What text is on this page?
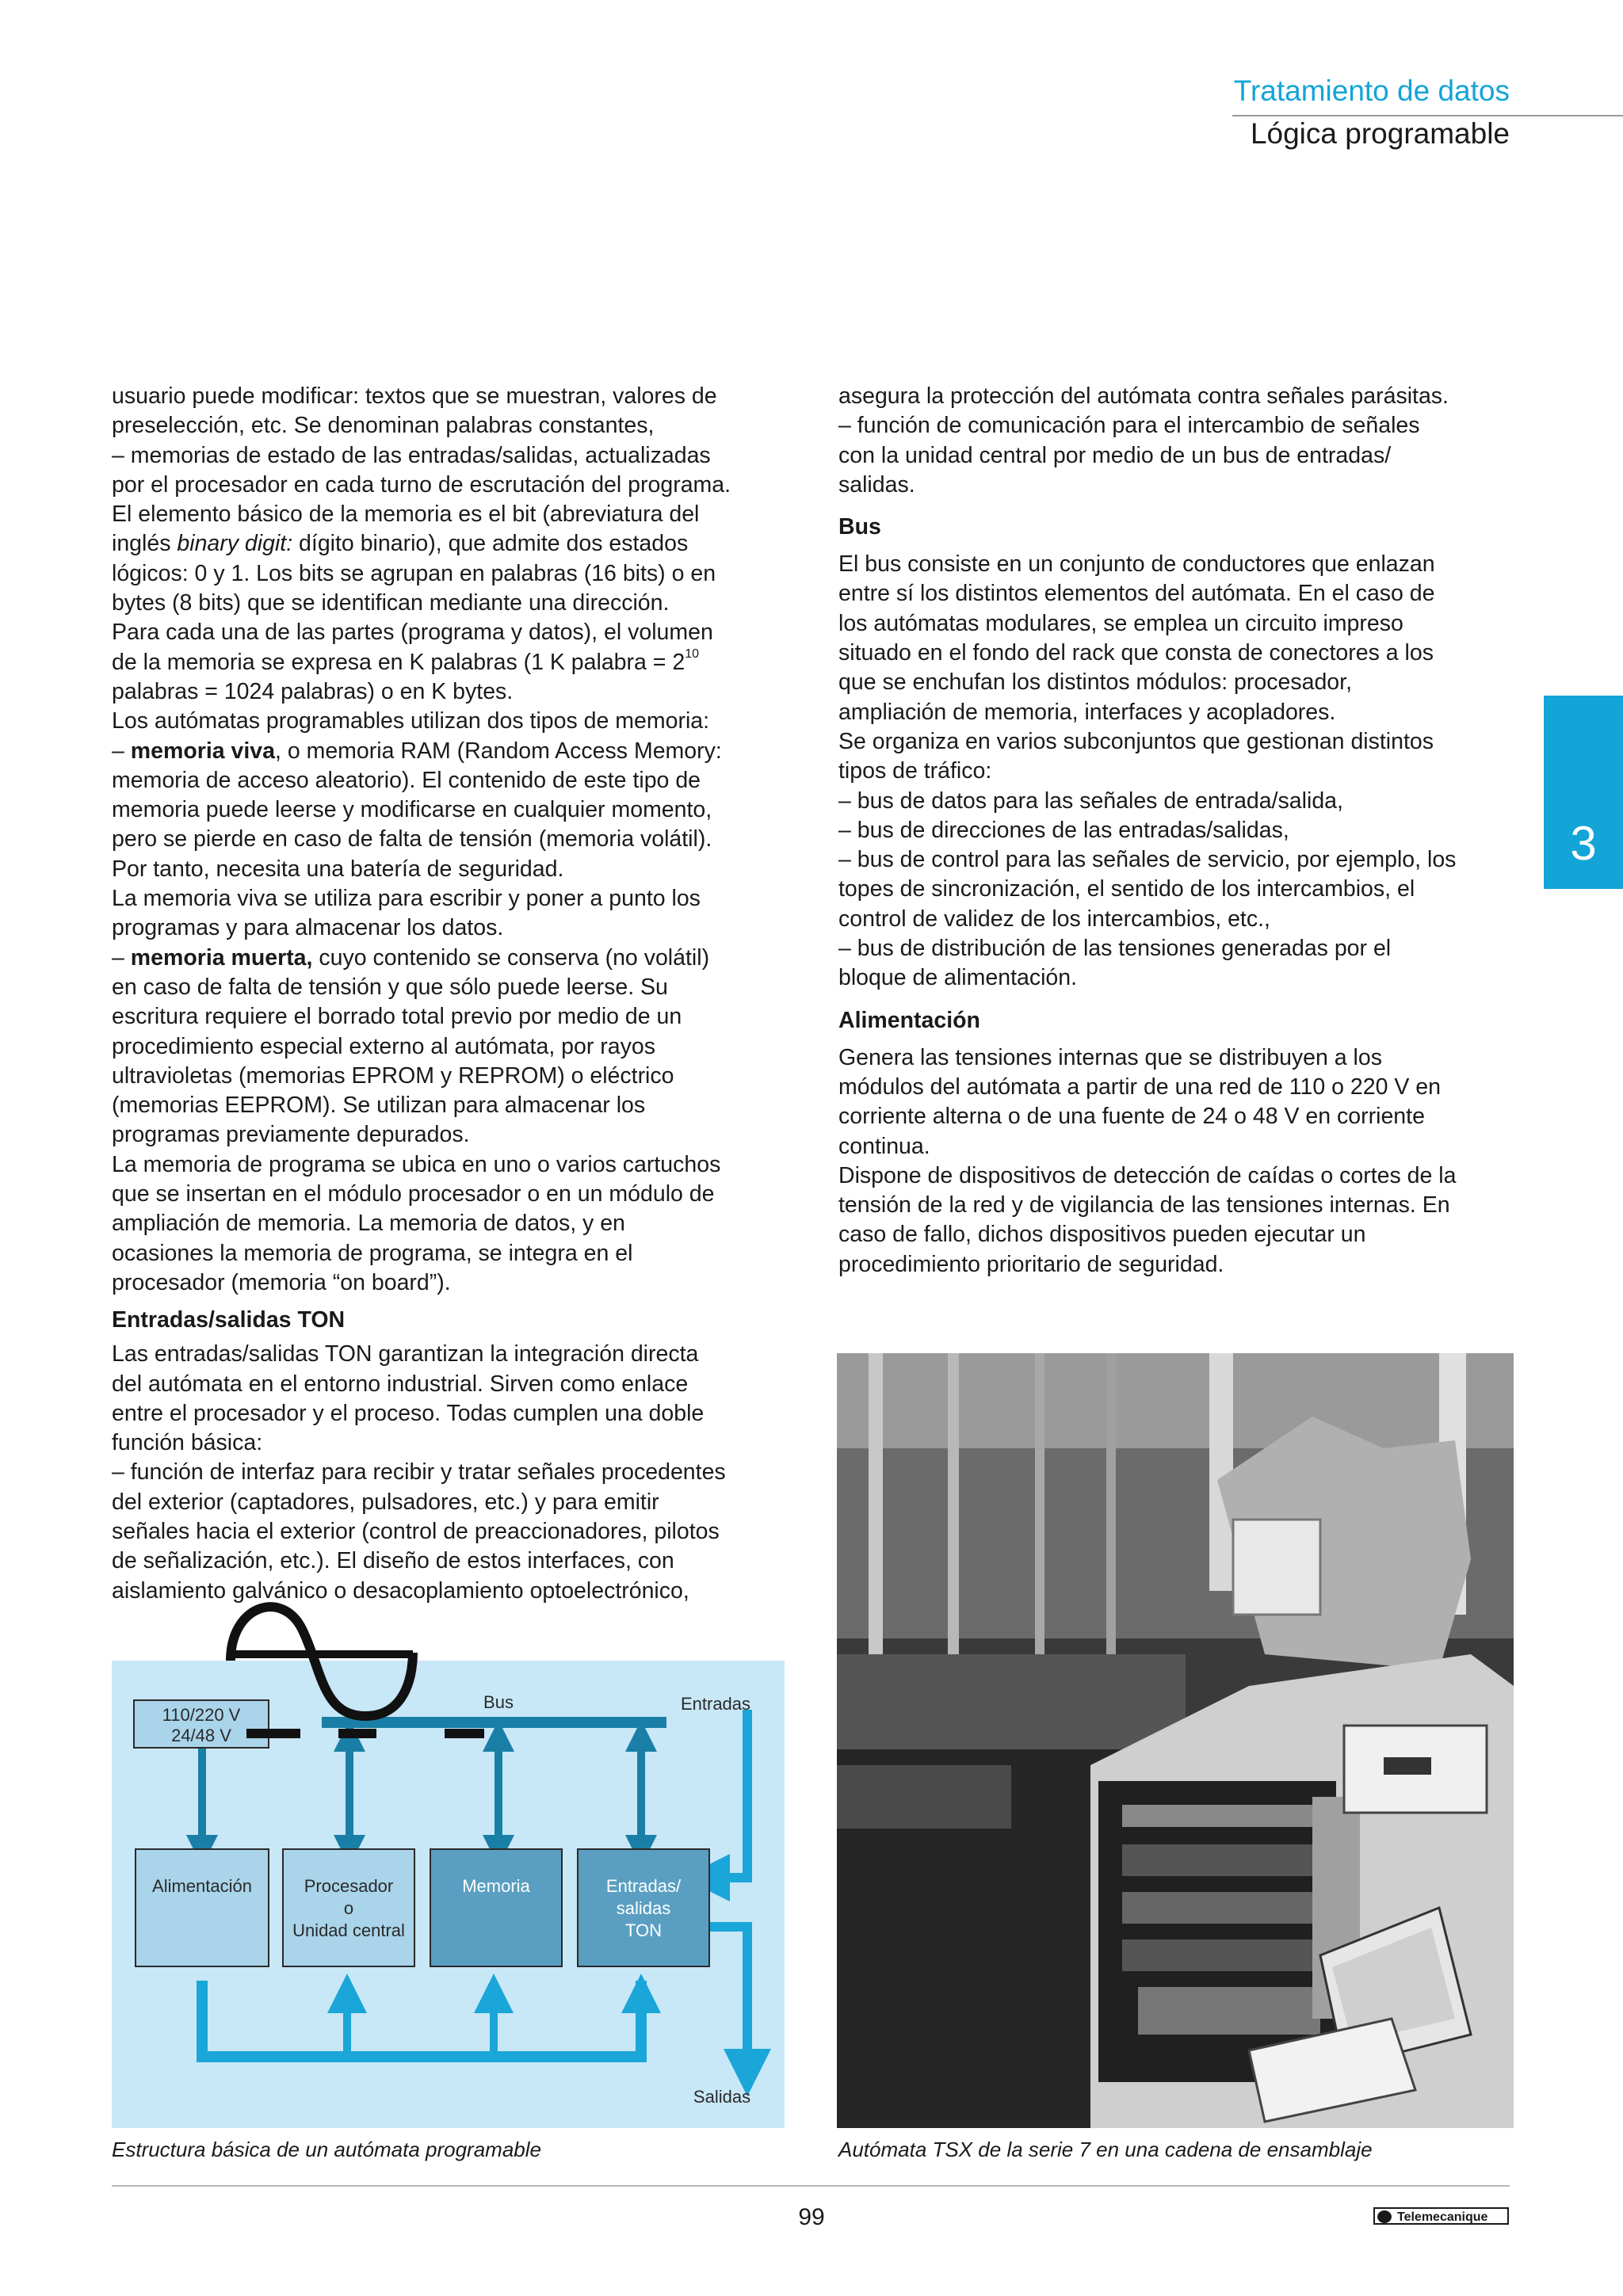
Tratamiento de datos
Lógica programable
3

usuario puede modificar: textos que se muestran, valores de

preselección, etc. Se denominan palabras constantes,

– memorias de estado de las entradas/salidas, actualizadas

por el procesador en cada turno de escrutación del programa.

El elemento básico de la memoria es el bit (abreviatura del

inglés binary digit: dígito binario), que admite dos estados

lógicos: 0 y 1. Los bits se agrupan en palabras (16 bits) o en

bytes (8 bits) que se identifican mediante una dirección.

Para cada una de las partes (programa y datos), el volumen

de la memoria se expresa en K palabras (1 K palabra = $2^{10}$

palabras = 1024 palabras) o en K bytes.

Los autómatas programables utilizan dos tipos de memoria:

– memoria viva, o memoria RAM (Random Access Memory:

memoria de acceso aleatorio). El contenido de este tipo de

memoria puede leerse y modificarse en cualquier momento,

pero se pierde en caso de falta de tensión (memoria volátil).

Por tanto, necesita una batería de seguridad.

La memoria viva se utiliza para escribir y poner a punto los

programas y para almacenar los datos.

– memoria muerta, cuyo contenido se conserva (no volátil)

en caso de falta de tensión y que sólo puede leerse. Su

escritura requiere el borrado total previo por medio de un

procedimiento especial externo al autómata, por rayos

ultravioletas (memorias EPROM y REPROM) o eléctrico

(memorias EEPROM). Se utilizan para almacenar los

programas previamente depurados.

La memoria de programa se ubica en uno o varios cartuchos

que se insertan en el módulo procesador o en un módulo de

ampliación de memoria. La memoria de datos, y en

ocasiones la memoria de programa, se integra en el

procesador (memoria “on board”).

Entradas/salidas TON

Las entradas/salidas TON garantizan la integración directa

del autómata en el entorno industrial. Sirven como enlace

entre el procesador y el proceso. Todas cumplen una doble

función básica:

– función de interfaz para recibir y tratar señales procedentes

del exterior (captadores, pulsadores, etc.) y para emitir

señales hacia el exterior (control de preaccionadores, pilotos

de señalización, etc.). El diseño de estos interfaces, con

aislamiento galvánico o desacoplamiento optoelectrónico,

asegura la protección del autómata contra señales parásitas.

– función de comunicación para el intercambio de señales

con la unidad central por medio de un bus de entradas/

salidas.

Bus

El bus consiste en un conjunto de conductores que enlazan

entre sí los distintos elementos del autómata. En el caso de

los autómatas modulares, se emplea un circuito impreso

situado en el fondo del rack que consta de conectores a los

que se enchufan los distintos módulos: procesador,

ampliación de memoria, interfaces y acopladores.

Se organiza en varios subconjuntos que gestionan distintos

tipos de tráfico:

– bus de datos para las señales de entrada/salida,

– bus de direcciones de las entradas/salidas,

– bus de control para las señales de servicio, por ejemplo, los

topes de sincronización, el sentido de los intercambios, el

control de validez de los intercambios, etc.,

– bus de distribución de las tensiones generadas por el

bloque de alimentación.

Alimentación

Genera las tensiones internas que se distribuyen a los

módulos del autómata a partir de una red de 110 o 220 V en

corriente alterna o de una fuente de 24 o 48 V en corriente

continua.

Dispone de dispositivos de detección de caídas o cortes de la

tensión de la red y de vigilancia de las tensiones internas. En

caso de fallo, dichos dispositivos pueden ejecutar un

procedimiento prioritario de seguridad.

110/220 V
24/48 V
Bus	Entradas
Salidas
Alimentación	Procesador
o
Unidad central
Memoria	Entradas/
salidas
TON
Estructura básica de un autómata programable	Autómata TSX de la serie 7 en una cadena de ensamblaje
99	Telemecanique
